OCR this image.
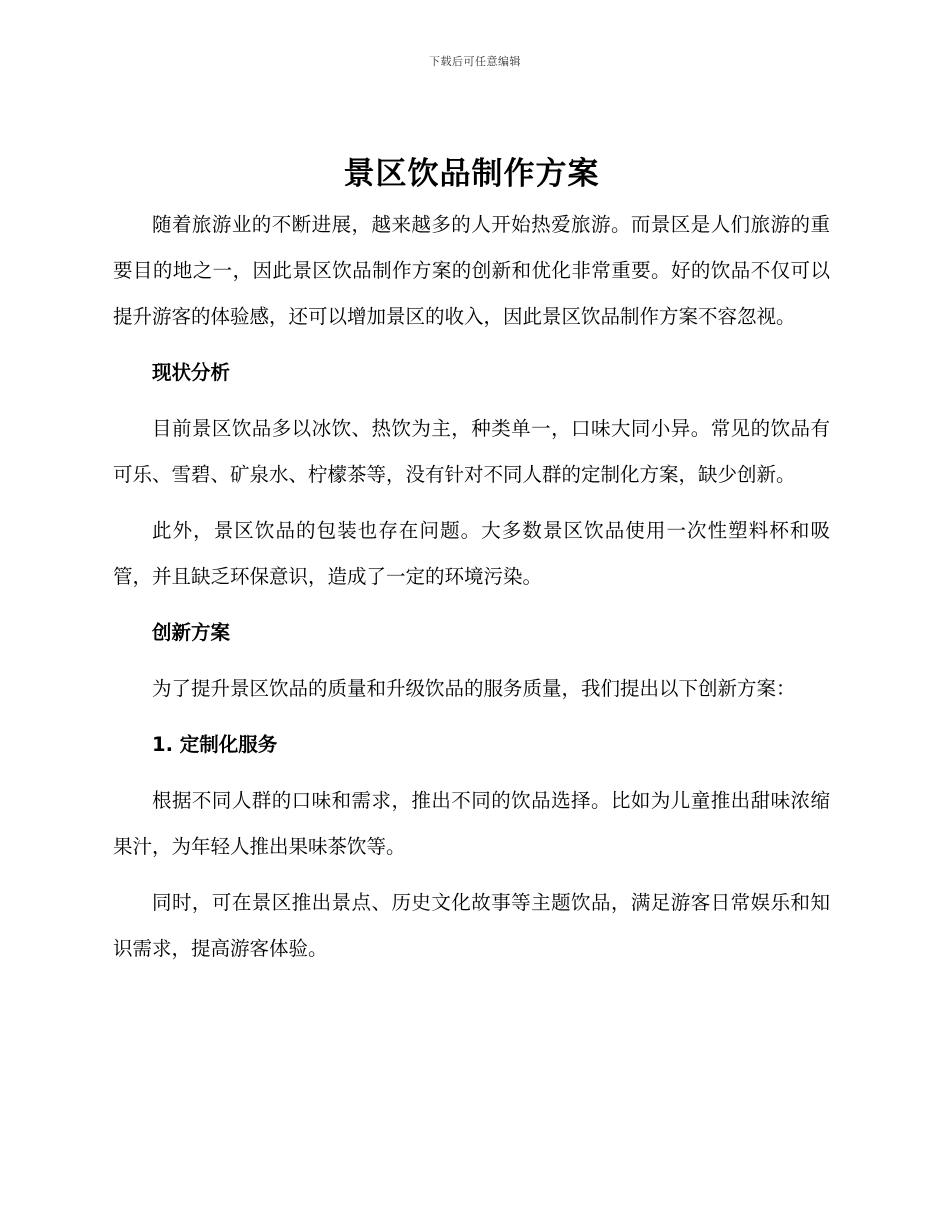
下载后可任意编辑
景区饮品制作方案

随着旅游业的不断进展，越来越多的人开始热爱旅游。而景区是人们旅游的重要目的地之一，因此景区饮品制作方案的创新和优化非常重要。好的饮品不仅可以提升游客的体验感，还可以增加景区的收入，因此景区饮品制作方案不容忽视。

现状分析

目前景区饮品多以冰饮、热饮为主，种类单一，口味大同小异。常见的饮品有可乐、雪碧、矿泉水、柠檬茶等，没有针对不同人群的定制化方案，缺少创新。

此外，景区饮品的包装也存在问题。大多数景区饮品使用一次性塑料杯和吸管，并且缺乏环保意识，造成了一定的环境污染。

创新方案

为了提升景区饮品的质量和升级饮品的服务质量，我们提出以下创新方案：

1. 定制化服务

根据不同人群的口味和需求，推出不同的饮品选择。比如为儿童推出甜味浓缩果汁，为年轻人推出果味茶饮等。

同时，可在景区推出景点、历史文化故事等主题饮品，满足游客日常娱乐和知识需求，提高游客体验。
